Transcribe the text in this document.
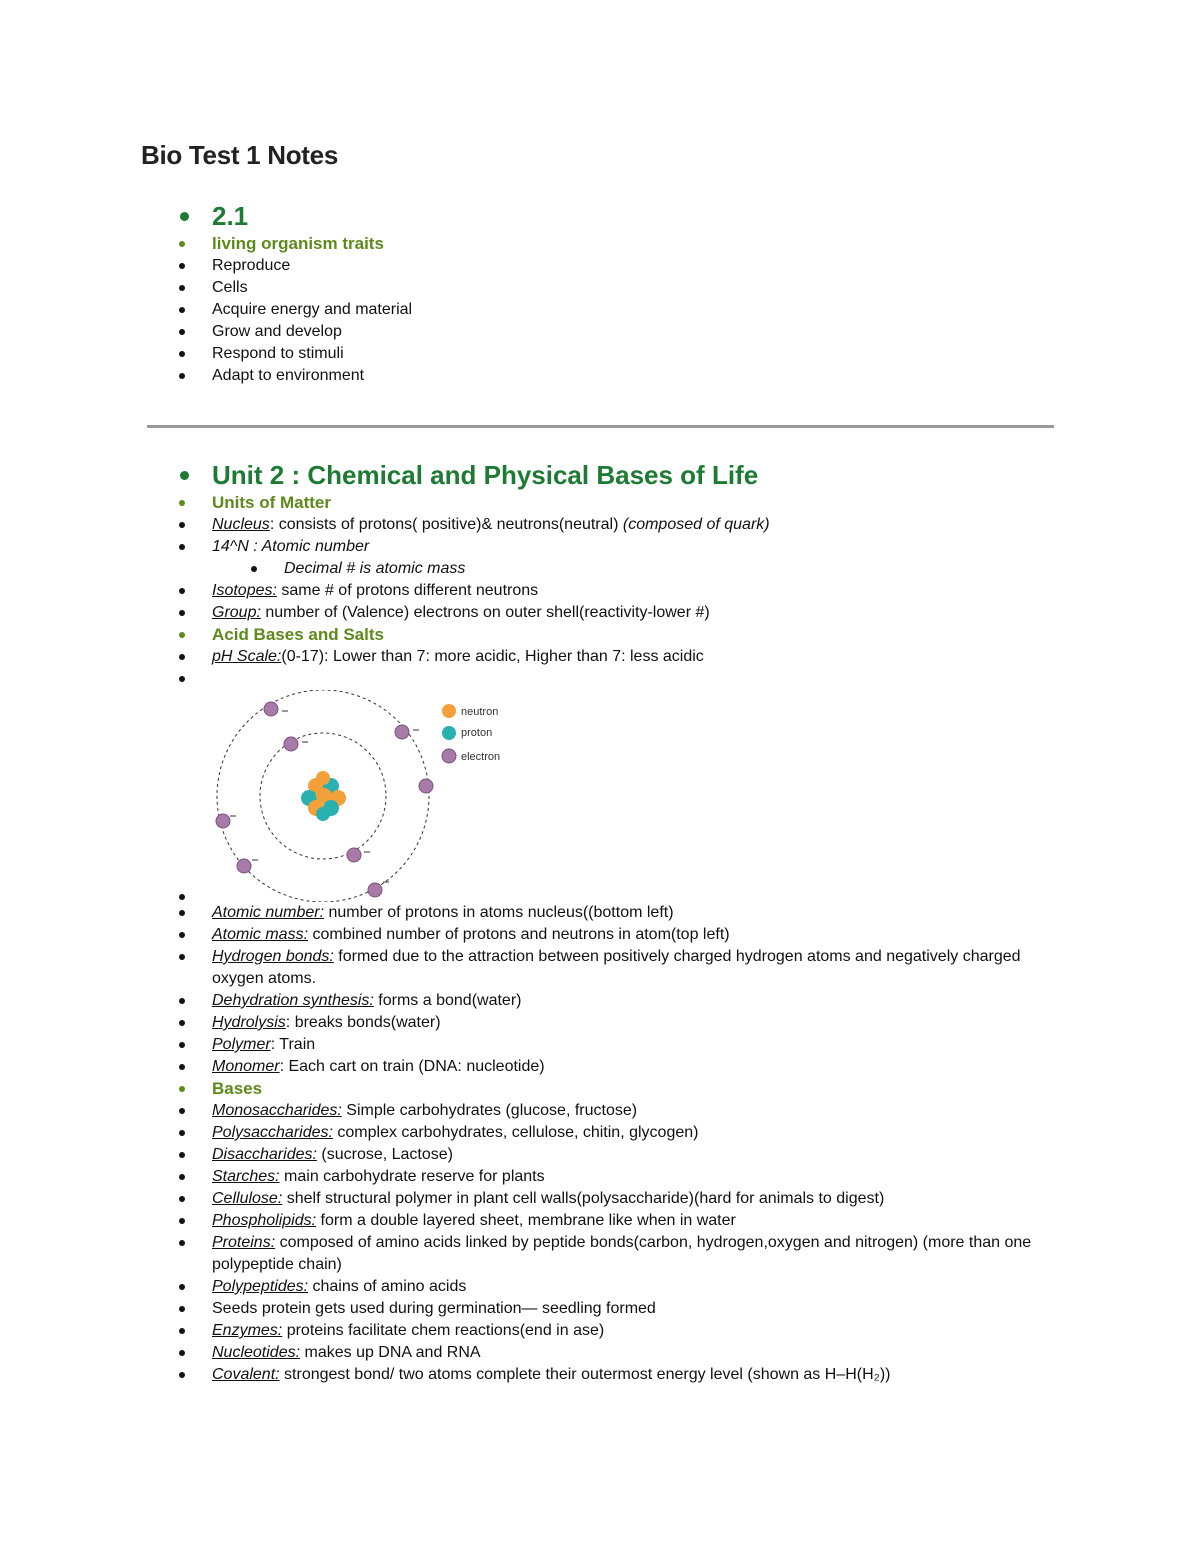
Bio Test 1 Notes
2.1
living organism traits
Reproduce
Cells
Acquire energy and material
Grow and develop
Respond to stimuli
Adapt to environment
Unit 2 : Chemical and Physical Bases of Life
Units of Matter
Nucleus: consists of protons( positive)& neutrons(neutral) (composed of quark)
14^N : Atomic number
Decimal # is atomic mass
Isotopes: same # of protons different neutrons
Group: number of (Valence) electrons on outer shell(reactivity-lower #)
Acid Bases and Salts
pH Scale:(0-17): Lower than 7: more acidic, Higher than 7: less acidic
neutron
proton
electron
Atomic number: number of protons in atoms nucleus((bottom left)
Atomic mass: combined number of protons and neutrons in atom(top left)
Hydrogen bonds: formed due to the attraction between positively charged hydrogen atoms and negatively charged oxygen atoms.
Dehydration synthesis: forms a bond(water)
Hydrolysis: breaks bonds(water)
Polymer: Train
Monomer: Each cart on train (DNA: nucleotide)
Bases
Monosaccharides: Simple carbohydrates (glucose, fructose)
Polysaccharides: complex carbohydrates, cellulose, chitin, glycogen)
Disaccharides: (sucrose, Lactose)
Starches: main carbohydrate reserve for plants
Cellulose: shelf structural polymer in plant cell walls(polysaccharide)(hard for animals to digest)
Phospholipids: form a double layered sheet, membrane like when in water
Proteins: composed of amino acids linked by peptide bonds(carbon, hydrogen,oxygen and nitrogen) (more than one polypeptide chain)
Polypeptides: chains of amino acids
Seeds protein gets used during germination— seedling formed
Enzymes: proteins facilitate chem reactions(end in ase)
Nucleotides: makes up DNA and RNA
Covalent: strongest bond/ two atoms complete their outermost energy level (shown as H–H(H₂))
